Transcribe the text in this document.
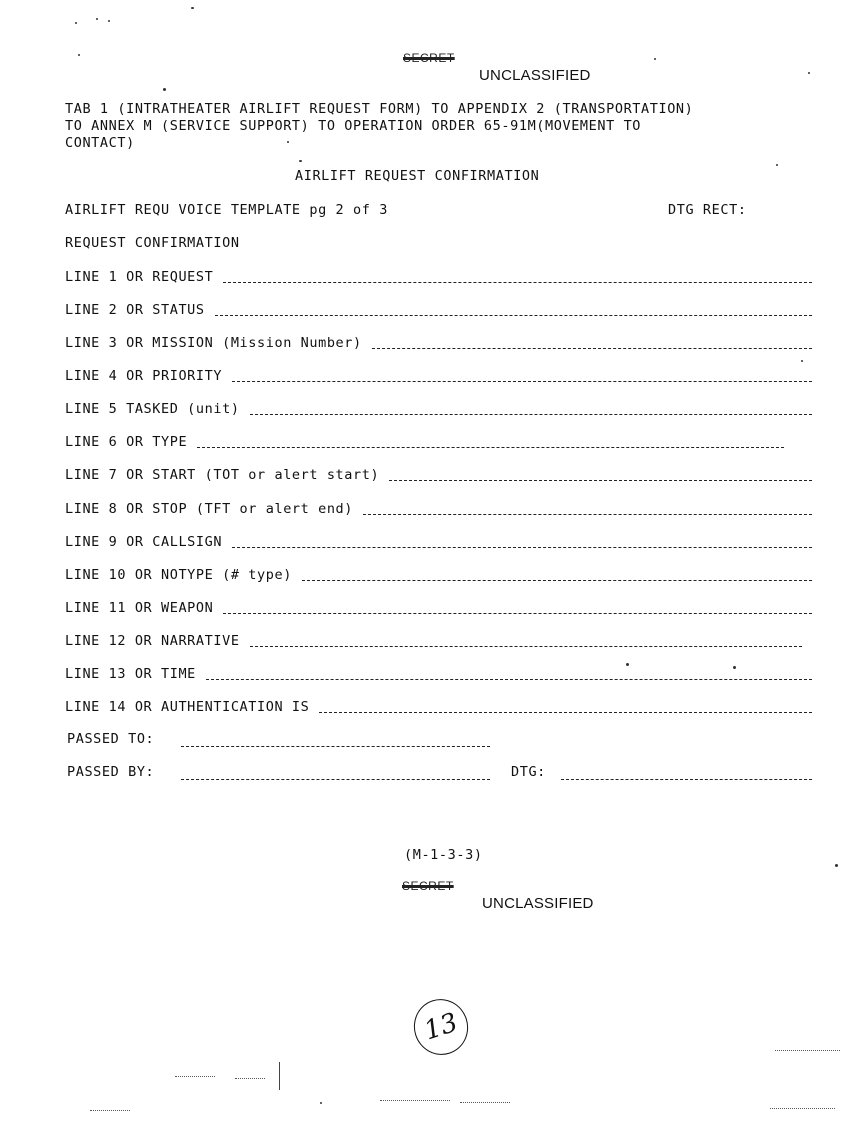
SECRET
UNCLASSIFIED
TAB 1 (INTRATHEATER AIRLIFT REQUEST FORM) TO APPENDIX 2 (TRANSPORTATION)
TO ANNEX M (SERVICE SUPPORT) TO OPERATION ORDER 65-91M(MOVEMENT TO
CONTACT)
AIRLIFT REQUEST CONFIRMATION
AIRLIFT REQU VOICE TEMPLATE pg 2 of 3	DTG RECT:
REQUEST CONFIRMATION
LINE 1 OR REQUEST
LINE 2 OR STATUS
LINE 3 OR MISSION (Mission Number)
LINE 4 OR PRIORITY
LINE 5 TASKED (unit)
LINE 6 OR TYPE
LINE 7 OR START (TOT or alert start)
LINE 8 OR STOP (TFT or alert end)
LINE 9 OR CALLSIGN
LINE 10 OR NOTYPE (# type)
LINE 11 OR WEAPON
LINE 12 OR NARRATIVE
LINE 13 OR TIME
LINE 14 OR AUTHENTICATION IS
PASSED TO:
PASSED BY:	DTG:
(M-1-3-3)
SECRET
UNCLASSIFIED
13
